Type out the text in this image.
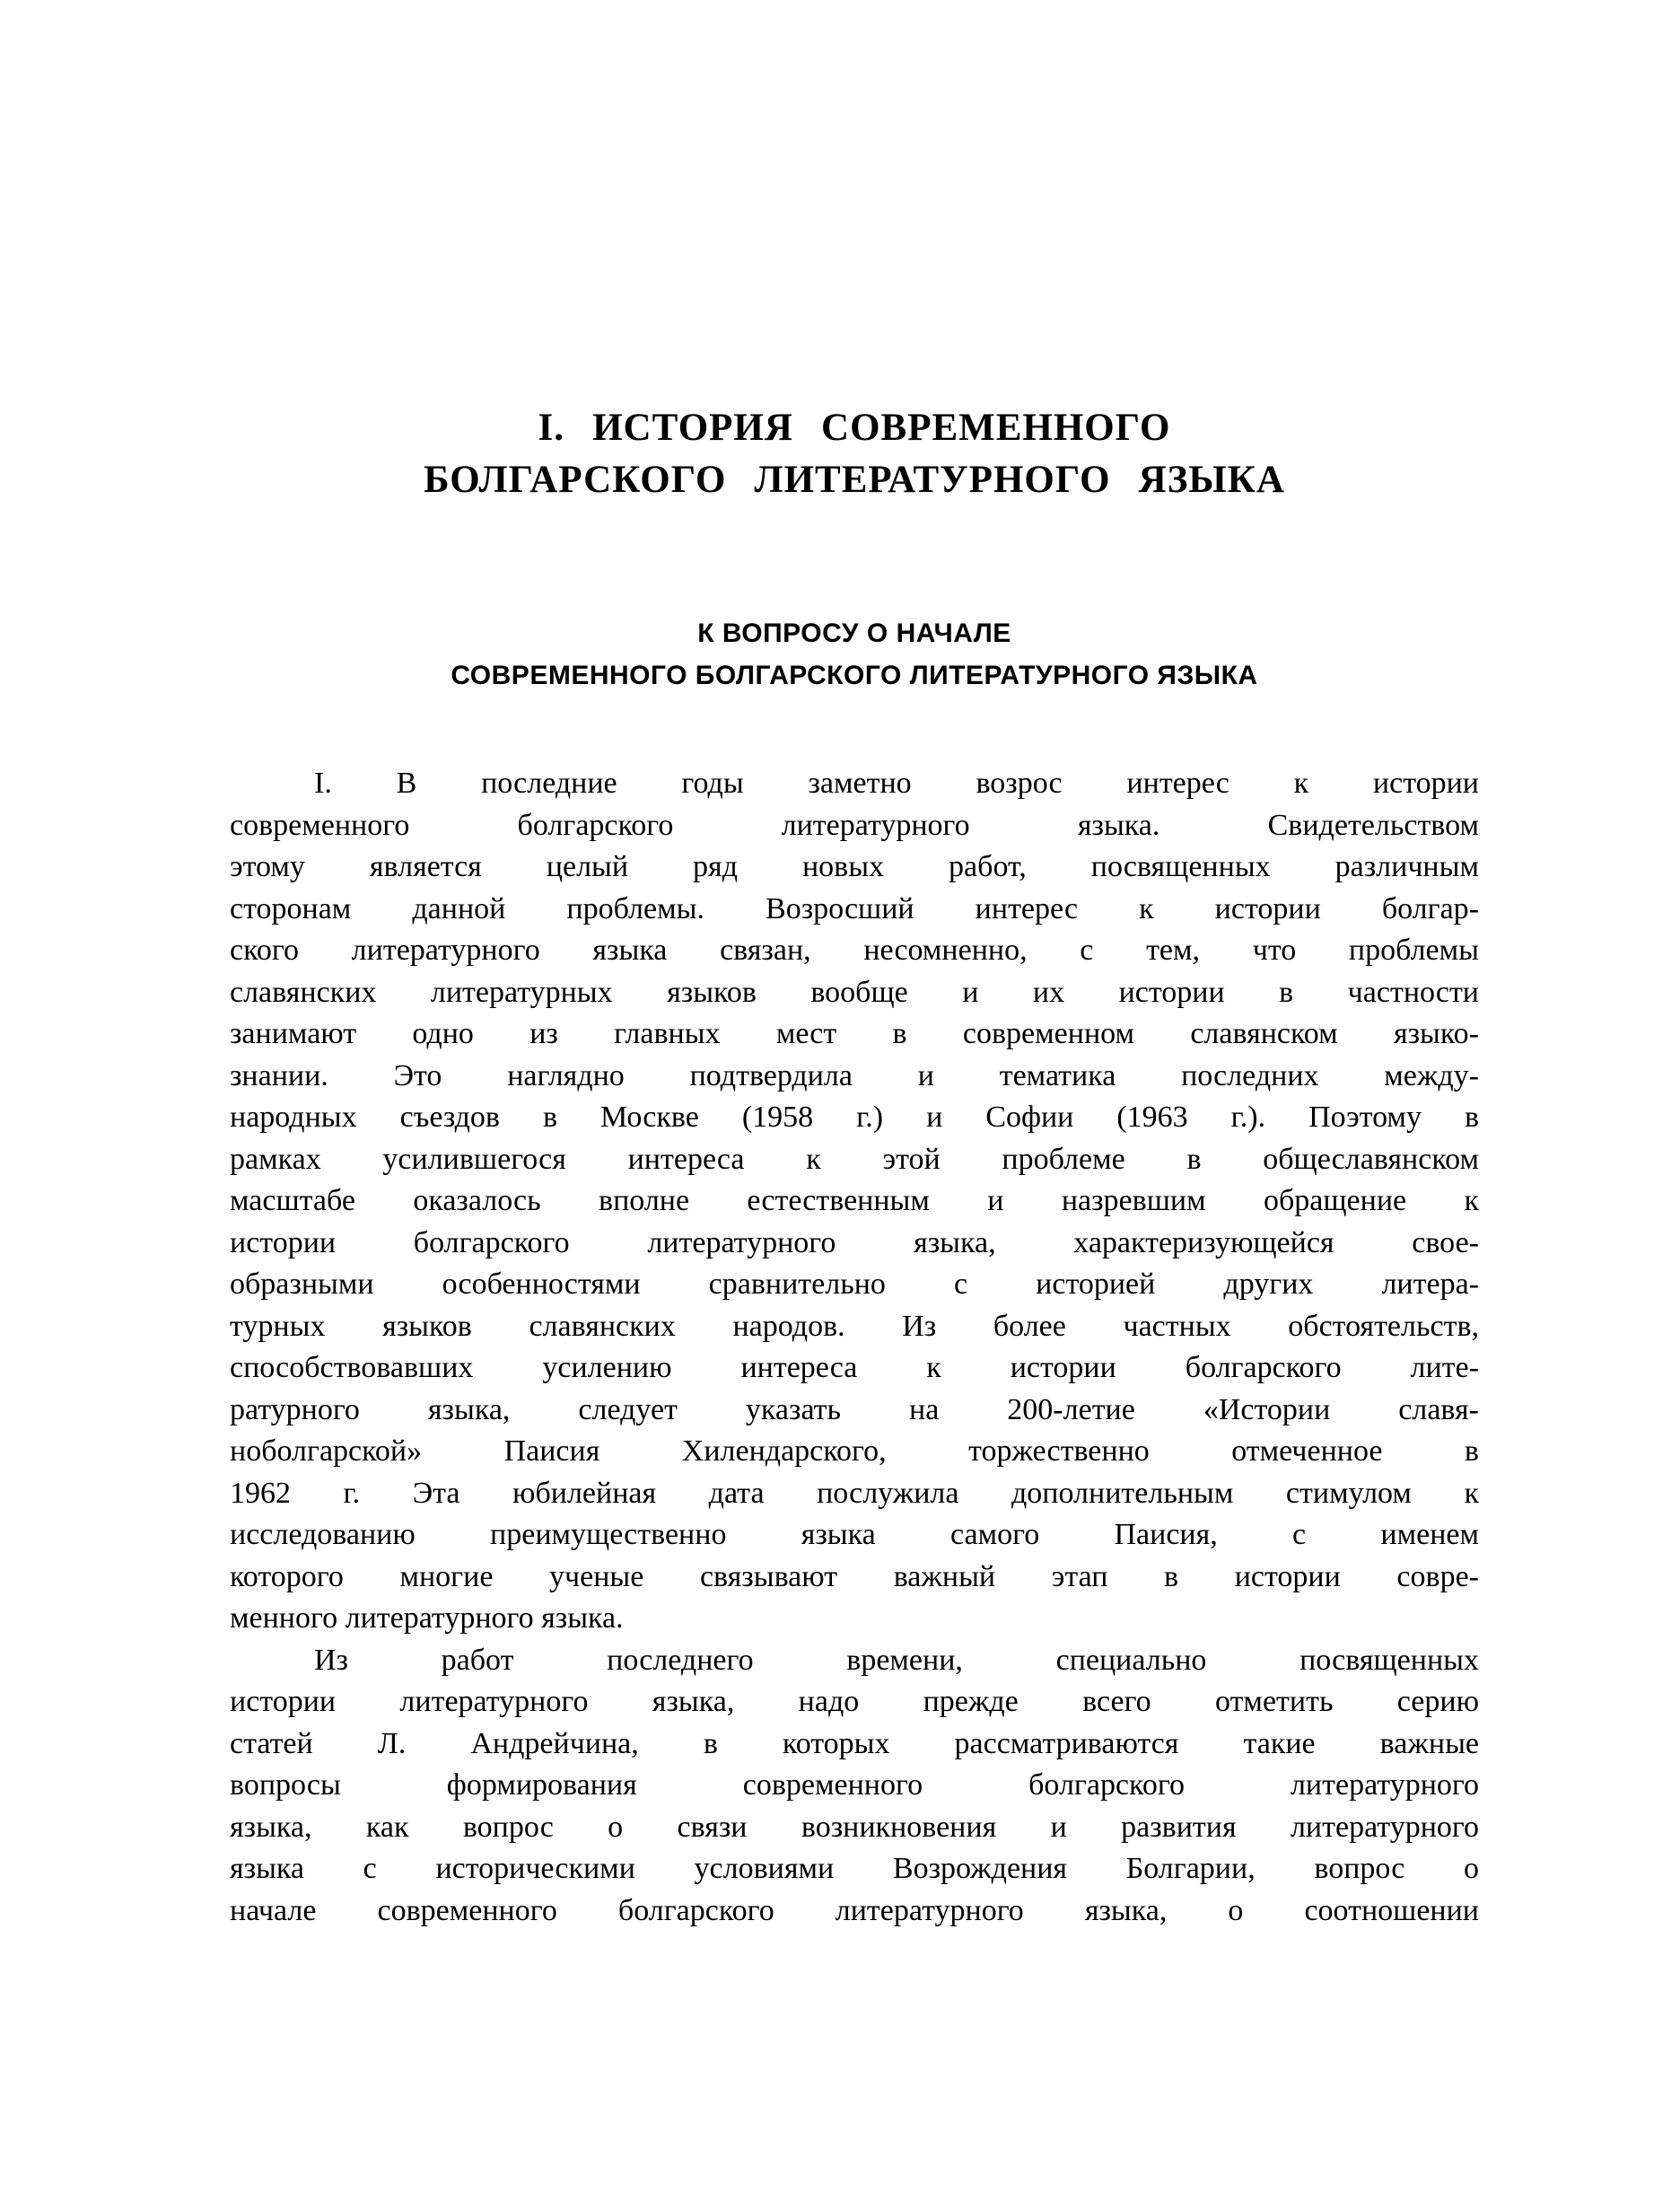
I. ИСТОРИЯ СОВРЕМЕННОГО
БОЛГАРСКОГО ЛИТЕРАТУРНОГО ЯЗЫКА
К ВОПРОСУ О НАЧАЛЕ
СОВРЕМЕННОГО БОЛГАРСКОГО ЛИТЕРАТУРНОГО ЯЗЫКА
I. В последние годы заметно возрос интерес к истории
современного болгарского литературного языка. Свидетельством
этому является целый ряд новых работ, посвященных различным
сторонам данной проблемы. Возросший интерес к истории болгар-
ского литературного языка связан, несомненно, с тем, что проблемы
славянских литературных языков вообще и их истории в частности
занимают одно из главных мест в современном славянском языко-
знании. Это наглядно подтвердила и тематика последних между-
народных съездов в Москве (1958 г.) и Софии (1963 г.). Поэтому в
рамках усилившегося интереса к этой проблеме в общеславянском
масштабе оказалось вполне естественным и назревшим обращение к
истории болгарского литературного языка, характеризующейся свое-
образными особенностями сравнительно с историей других литера-
турных языков славянских народов. Из более частных обстоятельств,
способствовавших усилению интереса к истории болгарского лите-
ратурного языка, следует указать на 200-летие «Истории славя-
ноболгарской» Паисия Хилендарского, торжественно отмеченное в
1962 г. Эта юбилейная дата послужила дополнительным стимулом к
исследованию преимущественно языка самого Паисия, с именем
которого многие ученые связывают важный этап в истории совре-
менного литературного языка.
Из работ последнего времени, специально посвященных
истории литературного языка, надо прежде всего отметить серию
статей Л. Андрейчина, в которых рассматриваются такие важные
вопросы формирования современного болгарского литературного
языка, как вопрос о связи возникновения и развития литературного
языка с историческими условиями Возрождения Болгарии, вопрос о
начале современного болгарского литературного языка, о соотношении
